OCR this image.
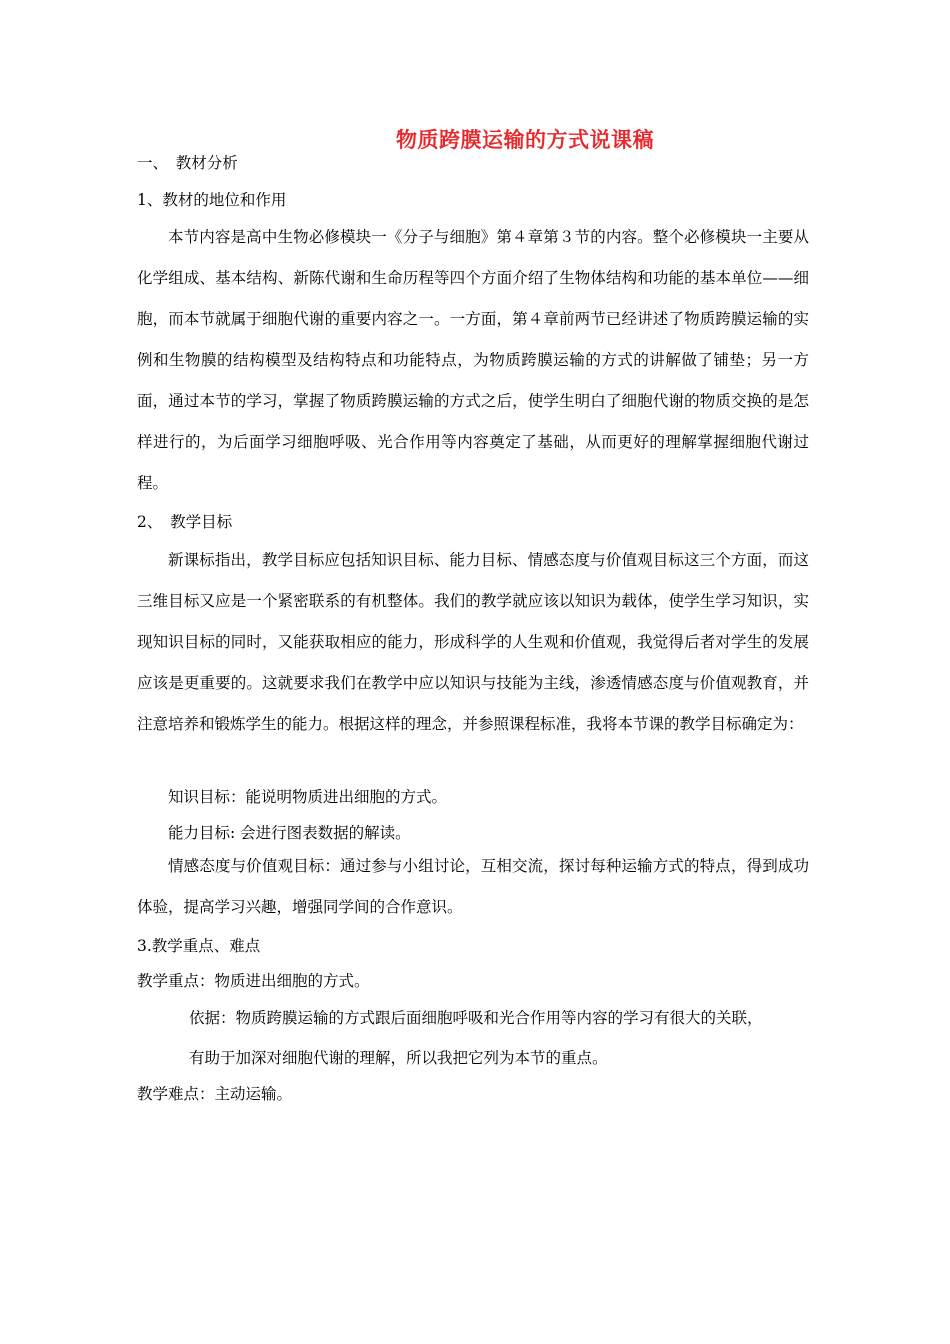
物质跨膜运输的方式说课稿
一、　教材分析
1、教材的地位和作用
本节内容是高中生物必修模块一《分子与细胞》第４章第３节的内容。整个必修模块一主要从化学组成、基本结构、新陈代谢和生命历程等四个方面介绍了生物体结构和功能的基本单位——细胞，而本节就属于细胞代谢的重要内容之一。一方面，第４章前两节已经讲述了物质跨膜运输的实例和生物膜的结构模型及结构特点和功能特点，为物质跨膜运输的方式的讲解做了铺垫；另一方面，通过本节的学习，掌握了物质跨膜运输的方式之后，使学生明白了细胞代谢的物质交换的是怎样进行的，为后面学习细胞呼吸、光合作用等内容奠定了基础，从而更好的理解掌握细胞代谢过程。
2、　教学目标
新课标指出，教学目标应包括知识目标、能力目标、情感态度与价值观目标这三个方面，而这三维目标又应是一个紧密联系的有机整体。我们的教学就应该以知识为载体，使学生学习知识，实现知识目标的同时，又能获取相应的能力，形成科学的人生观和价值观，我觉得后者对学生的发展应该是更重要的。这就要求我们在教学中应以知识与技能为主线，渗透情感态度与价值观教育，并注意培养和锻炼学生的能力。根据这样的理念，并参照课程标准，我将本节课的教学目标确定为：
知识目标：能说明物质进出细胞的方式。
能力目标: 会进行图表数据的解读。
情感态度与价值观目标：通过参与小组讨论，互相交流，探讨每种运输方式的特点，得到成功体验，提高学习兴趣，增强同学间的合作意识。
3.教学重点、难点
教学重点：物质进出细胞的方式。
依据：物质跨膜运输的方式跟后面细胞呼吸和光合作用等内容的学习有很大的关联，
有助于加深对细胞代谢的理解，所以我把它列为本节的重点。
教学难点：主动运输。
